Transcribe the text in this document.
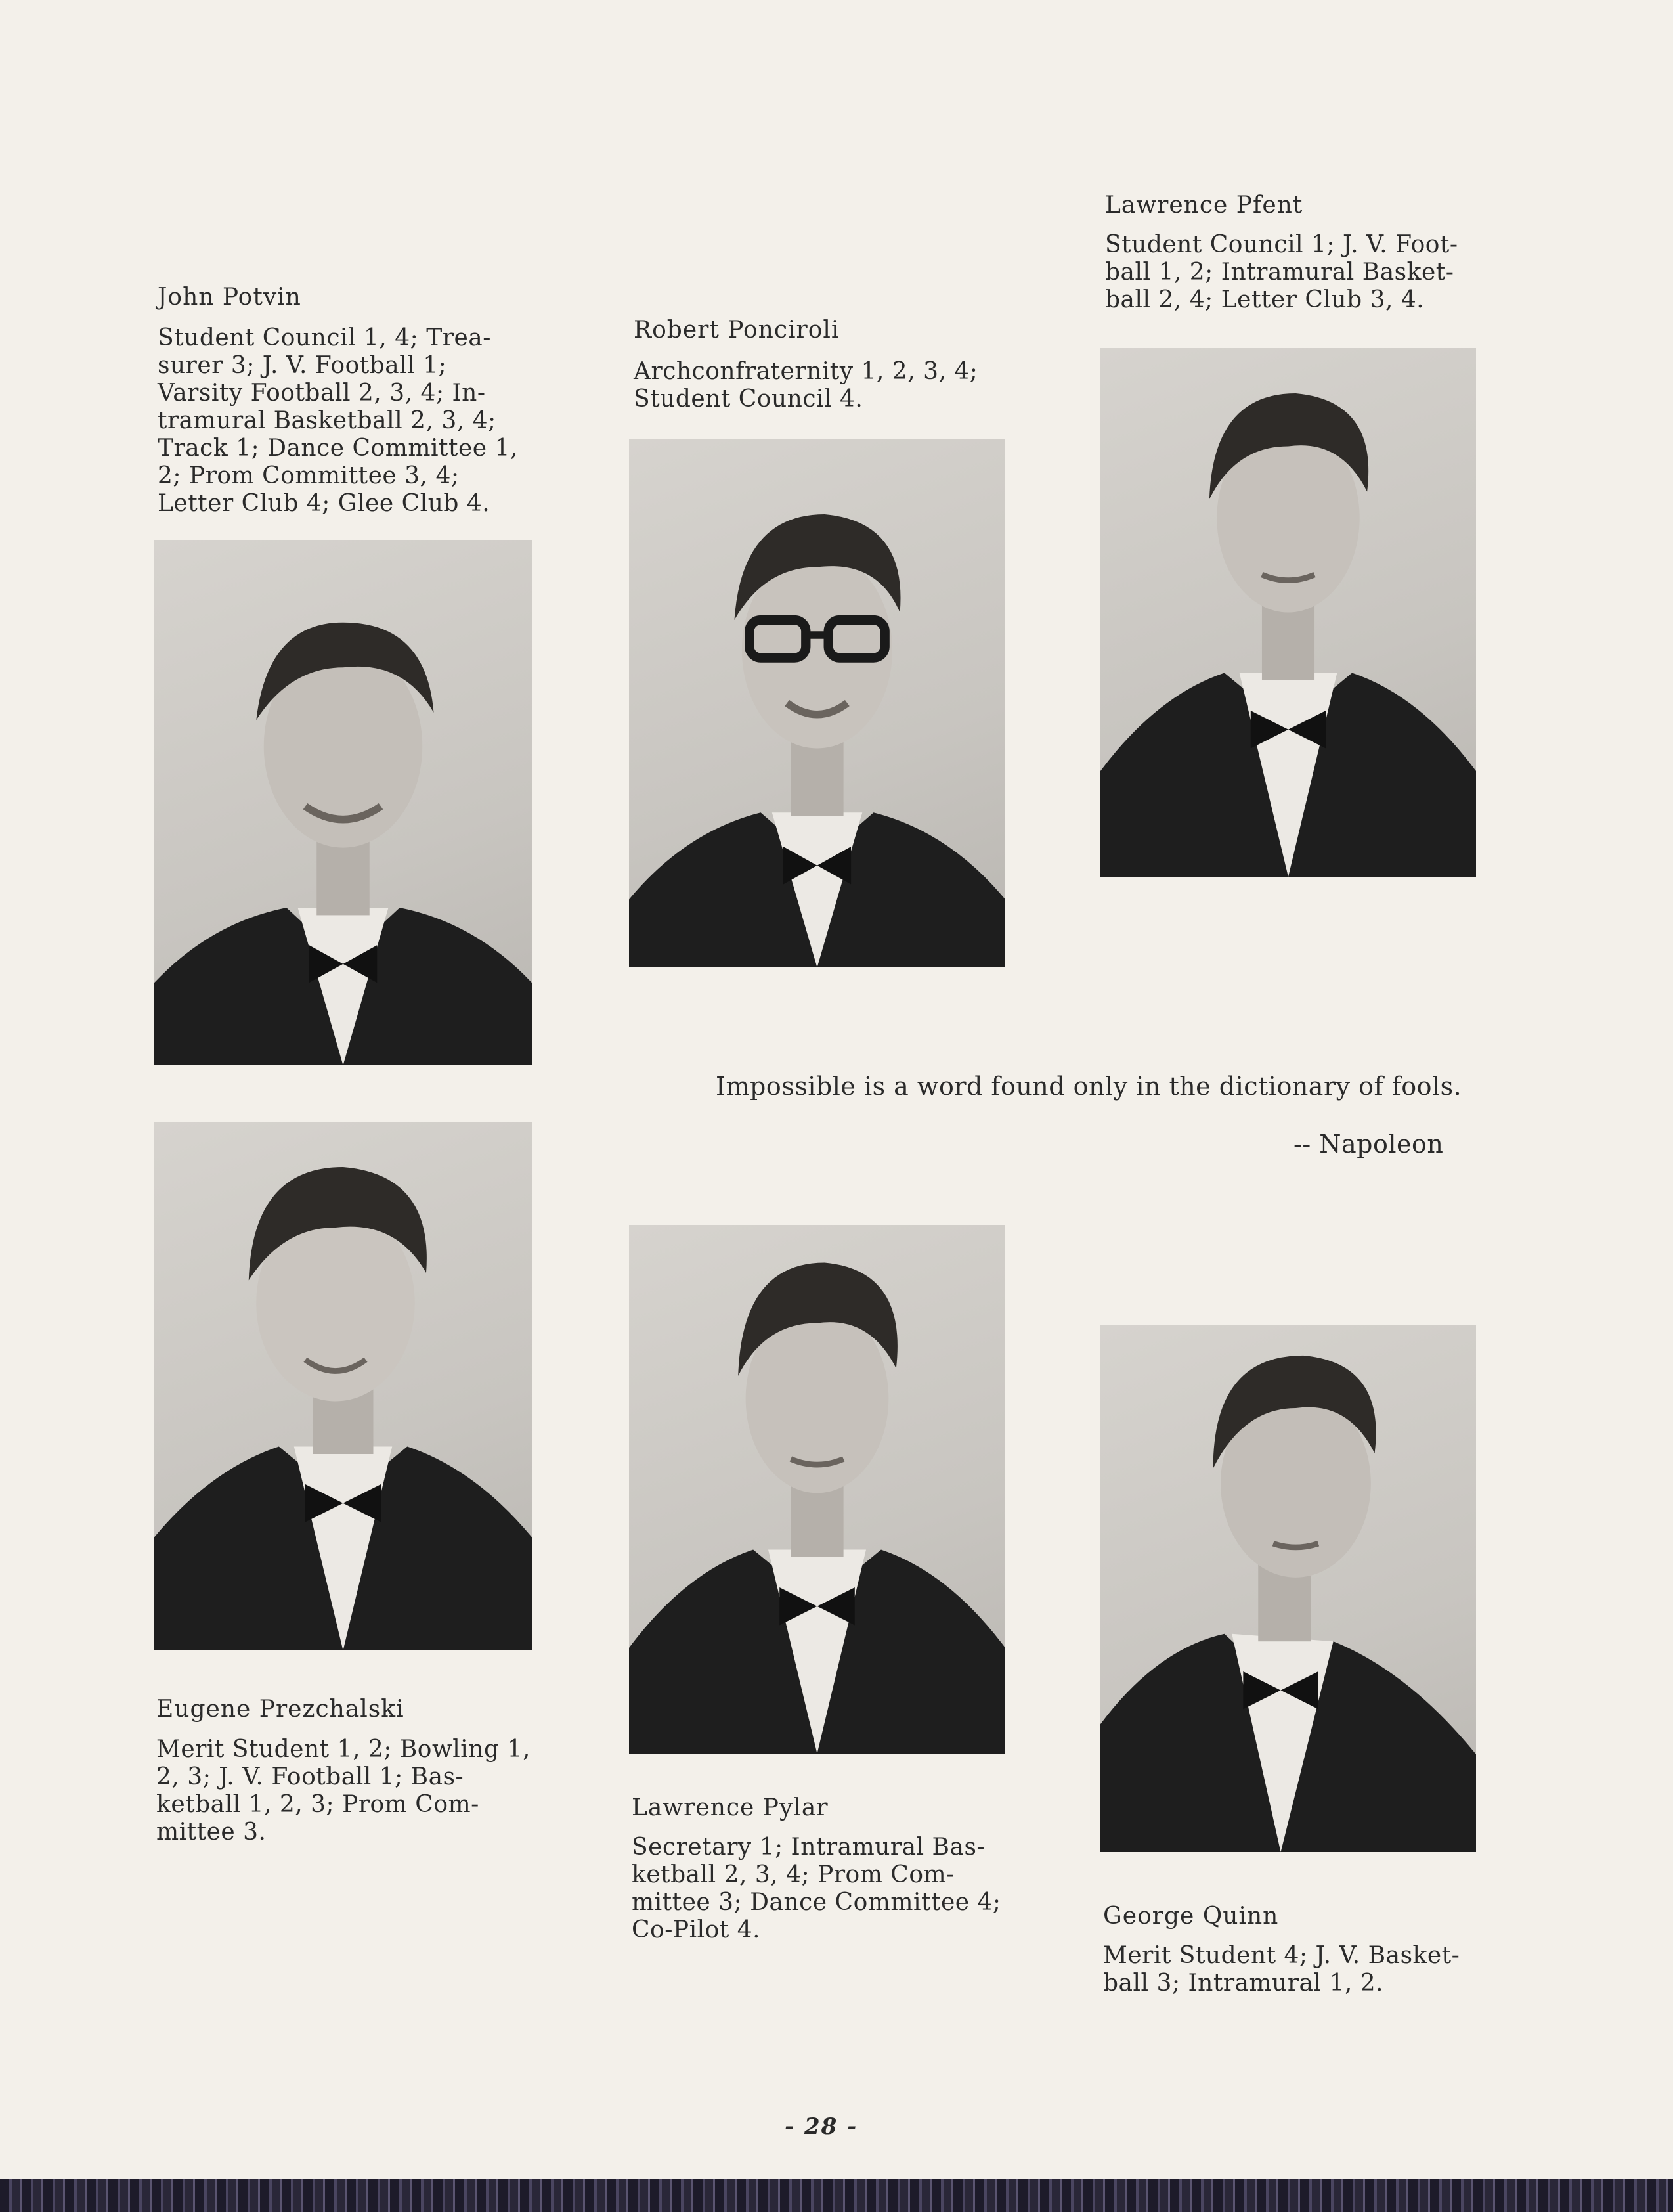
John Potvin
Student Council 1, 4; Trea-
surer 3; J. V. Football 1;
Varsity Football 2, 3, 4; In-
tramural Basketball 2, 3, 4;
Track 1; Dance Committee 1,
2; Prom Committee 3, 4;
Letter Club 4; Glee Club 4.
Robert Ponciroli
Archconfraternity 1, 2, 3, 4;
Student Council 4.
Lawrence Pfent
Student Council 1; J. V. Foot-
ball 1, 2; Intramural Basket-
ball 2, 4; Letter Club 3, 4.
Impossible is a word found only in the dictionary of fools.
-- Napoleon
Eugene Prezchalski
Merit Student 1, 2; Bowling 1,
2, 3; J. V. Football 1; Bas-
ketball 1, 2, 3; Prom Com-
mittee 3.
Lawrence Pylar
Secretary 1; Intramural Bas-
ketball 2, 3, 4; Prom Com-
mittee 3; Dance Committee 4;
Co-Pilot 4.
George Quinn
Merit Student 4; J. V. Basket-
ball 3; Intramural 1, 2.
- 28 -
